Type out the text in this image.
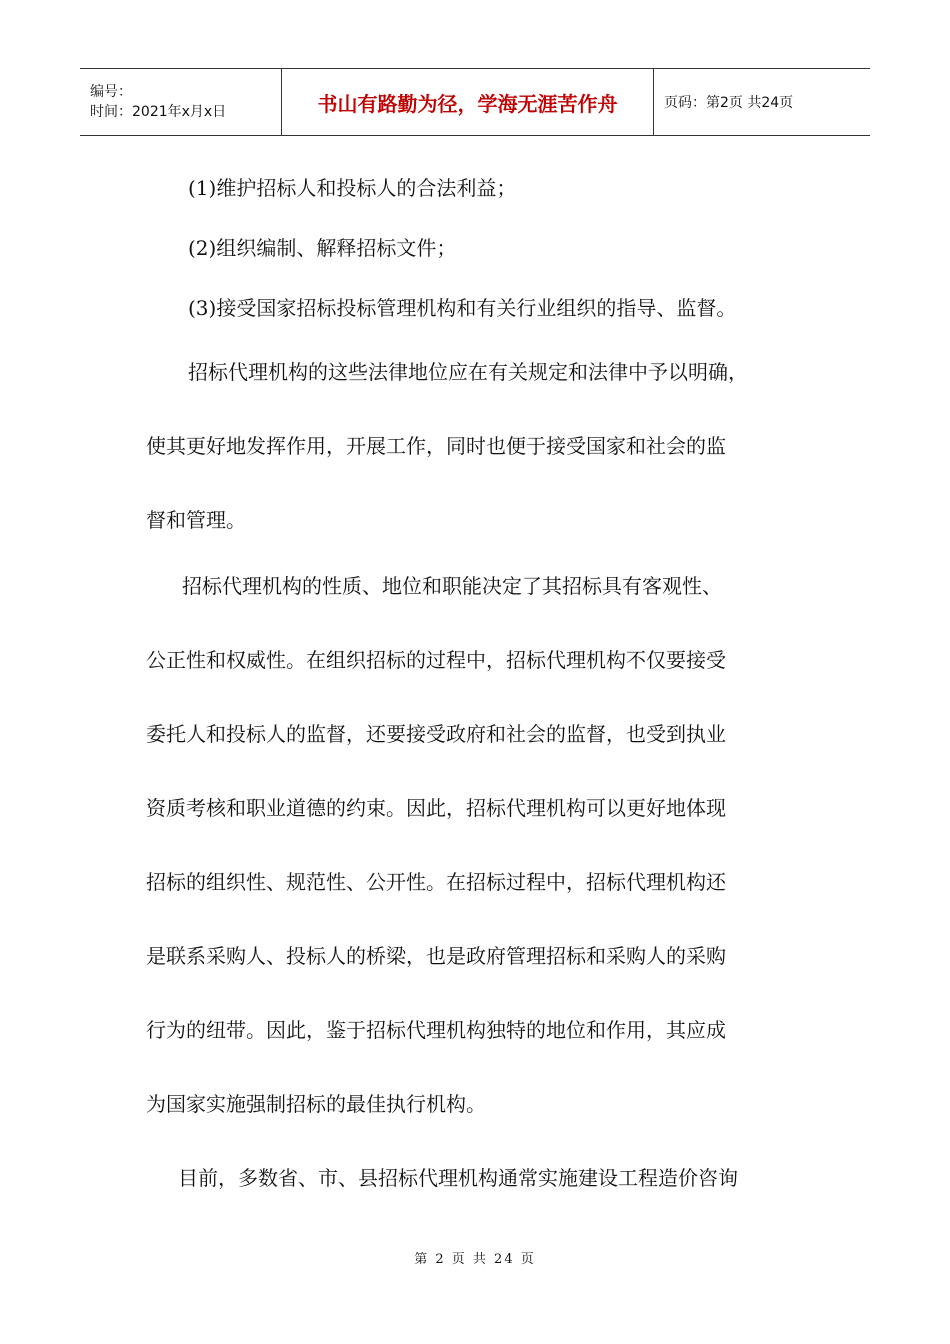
编号：
时间：2021年x月x日	书山有路勤为径，学海无涯苦作舟	页码：第2页 共24页
(1)维护招标人和投标人的合法利益；
(2)组织编制、解释招标文件；
(3)接受国家招标投标管理机构和有关行业组织的指导、监督。
招标代理机构的这些法律地位应在有关规定和法律中予以明确，
使其更好地发挥作用，开展工作，同时也便于接受国家和社会的监
督和管理。
招标代理机构的性质、地位和职能决定了其招标具有客观性、
公正性和权威性。在组织招标的过程中，招标代理机构不仅要接受
委托人和投标人的监督，还要接受政府和社会的监督，也受到执业
资质考核和职业道德的约束。因此，招标代理机构可以更好地体现
招标的组织性、规范性、公开性。在招标过程中，招标代理机构还
是联系采购人、投标人的桥梁，也是政府管理招标和采购人的采购
行为的纽带。因此，鉴于招标代理机构独特的地位和作用，其应成
为国家实施强制招标的最佳执行机构。
目前，多数省、市、县招标代理机构通常实施建设工程造价咨询
第 2 页 共 24 页
